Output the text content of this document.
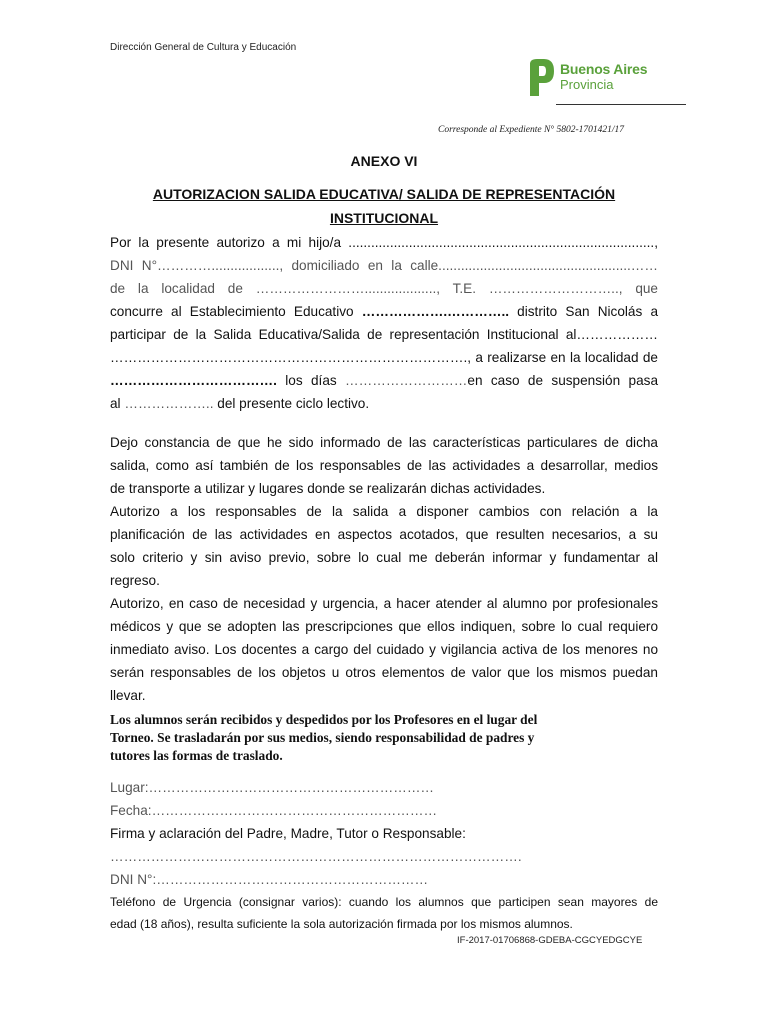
Dirección General de Cultura y Educación
Buenos Aires
Provincia
Corresponde al Expediente N° 5802-1701421/17
ANEXO VI
AUTORIZACION SALIDA EDUCATIVA/ SALIDA DE REPRESENTACIÓN
INSTITUCIONAL
Por la presente autorizo a mi hijo/a .................................................................................,
DNI N°………….................., domiciliado en la calle...................................................……
de la localidad de ……………………..................., T.E. ……………………….., que
concurre al Establecimiento Educativo ……………….………….. distrito San Nicolás a
participar de la Salida Educativa/Salida de representación Institucional al………………
……………………………………………………………………., a realizarse en la localidad de
………………………………. los días ………………………en caso de suspensión pasa
al ……………….. del presente ciclo lectivo.
Dejo constancia de que he sido informado de las características particulares de dicha
salida, como así también de los responsables de las actividades a desarrollar, medios
de transporte a utilizar y lugares donde se realizarán dichas actividades.
Autorizo a los responsables de la salida a disponer cambios con relación a la
planificación de las actividades en aspectos acotados, que resulten necesarios, a su
solo criterio y sin aviso previo, sobre lo cual me deberán informar y fundamentar al
regreso.
Autorizo, en caso de necesidad y urgencia, a hacer atender al alumno por profesionales
médicos y que se adopten las prescripciones que ellos indiquen, sobre lo cual requiero
inmediato aviso. Los docentes a cargo del cuidado y vigilancia activa de los menores no
serán responsables de los objetos u otros elementos de valor que los mismos puedan
llevar.
Los alumnos serán recibidos y despedidos por los Profesores en el lugar del
Torneo. Se trasladarán por sus medios, siendo responsabilidad de padres y
tutores las formas de traslado.
Lugar:………………………………………………………
Fecha:………………………………………………………
Firma y aclaración del Padre, Madre, Tutor o Responsable:
……………………………………………………………………………….
DNI N°:……………………………………………………
Teléfono de Urgencia (consignar varios): cuando los alumnos que participen sean mayores de
edad (18 años), resulta suficiente la sola autorización firmada por los mismos alumnos.
IF-2017-01706868-GDEBA-CGCYEDGCYE
